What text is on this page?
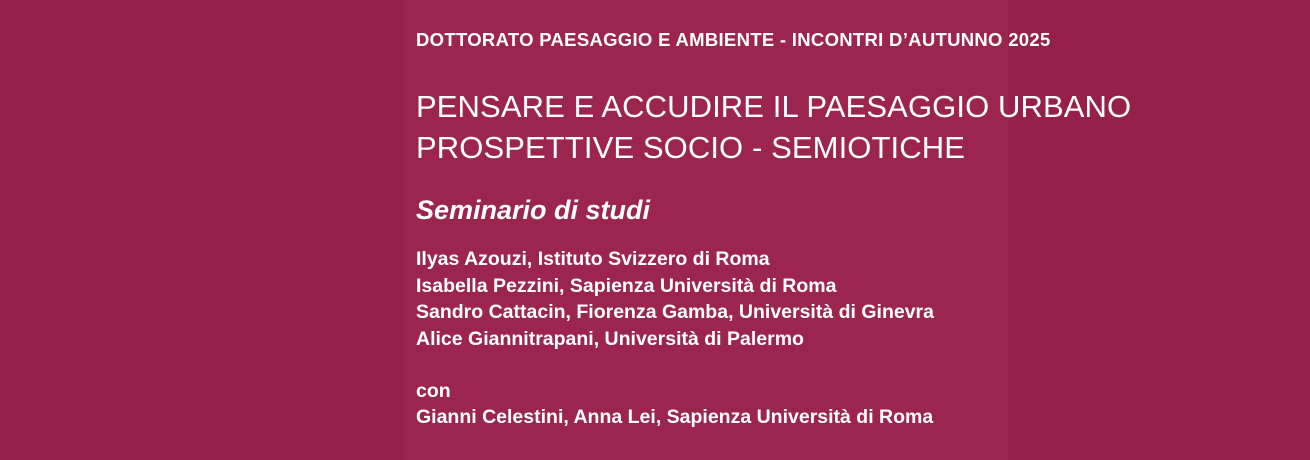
DOTTORATO PAESAGGIO E AMBIENTE - INCONTRI D’AUTUNNO 2025
PENSARE E ACCUDIRE IL PAESAGGIO URBANO
PROSPETTIVE SOCIO - SEMIOTICHE
Seminario di studi
Ilyas Azouzi, Istituto Svizzero di Roma
Isabella Pezzini, Sapienza Università di Roma
Sandro Cattacin, Fiorenza Gamba, Università di Ginevra
Alice Giannitrapani, Università di Palermo
con
Gianni Celestini, Anna Lei, Sapienza Università di Roma
